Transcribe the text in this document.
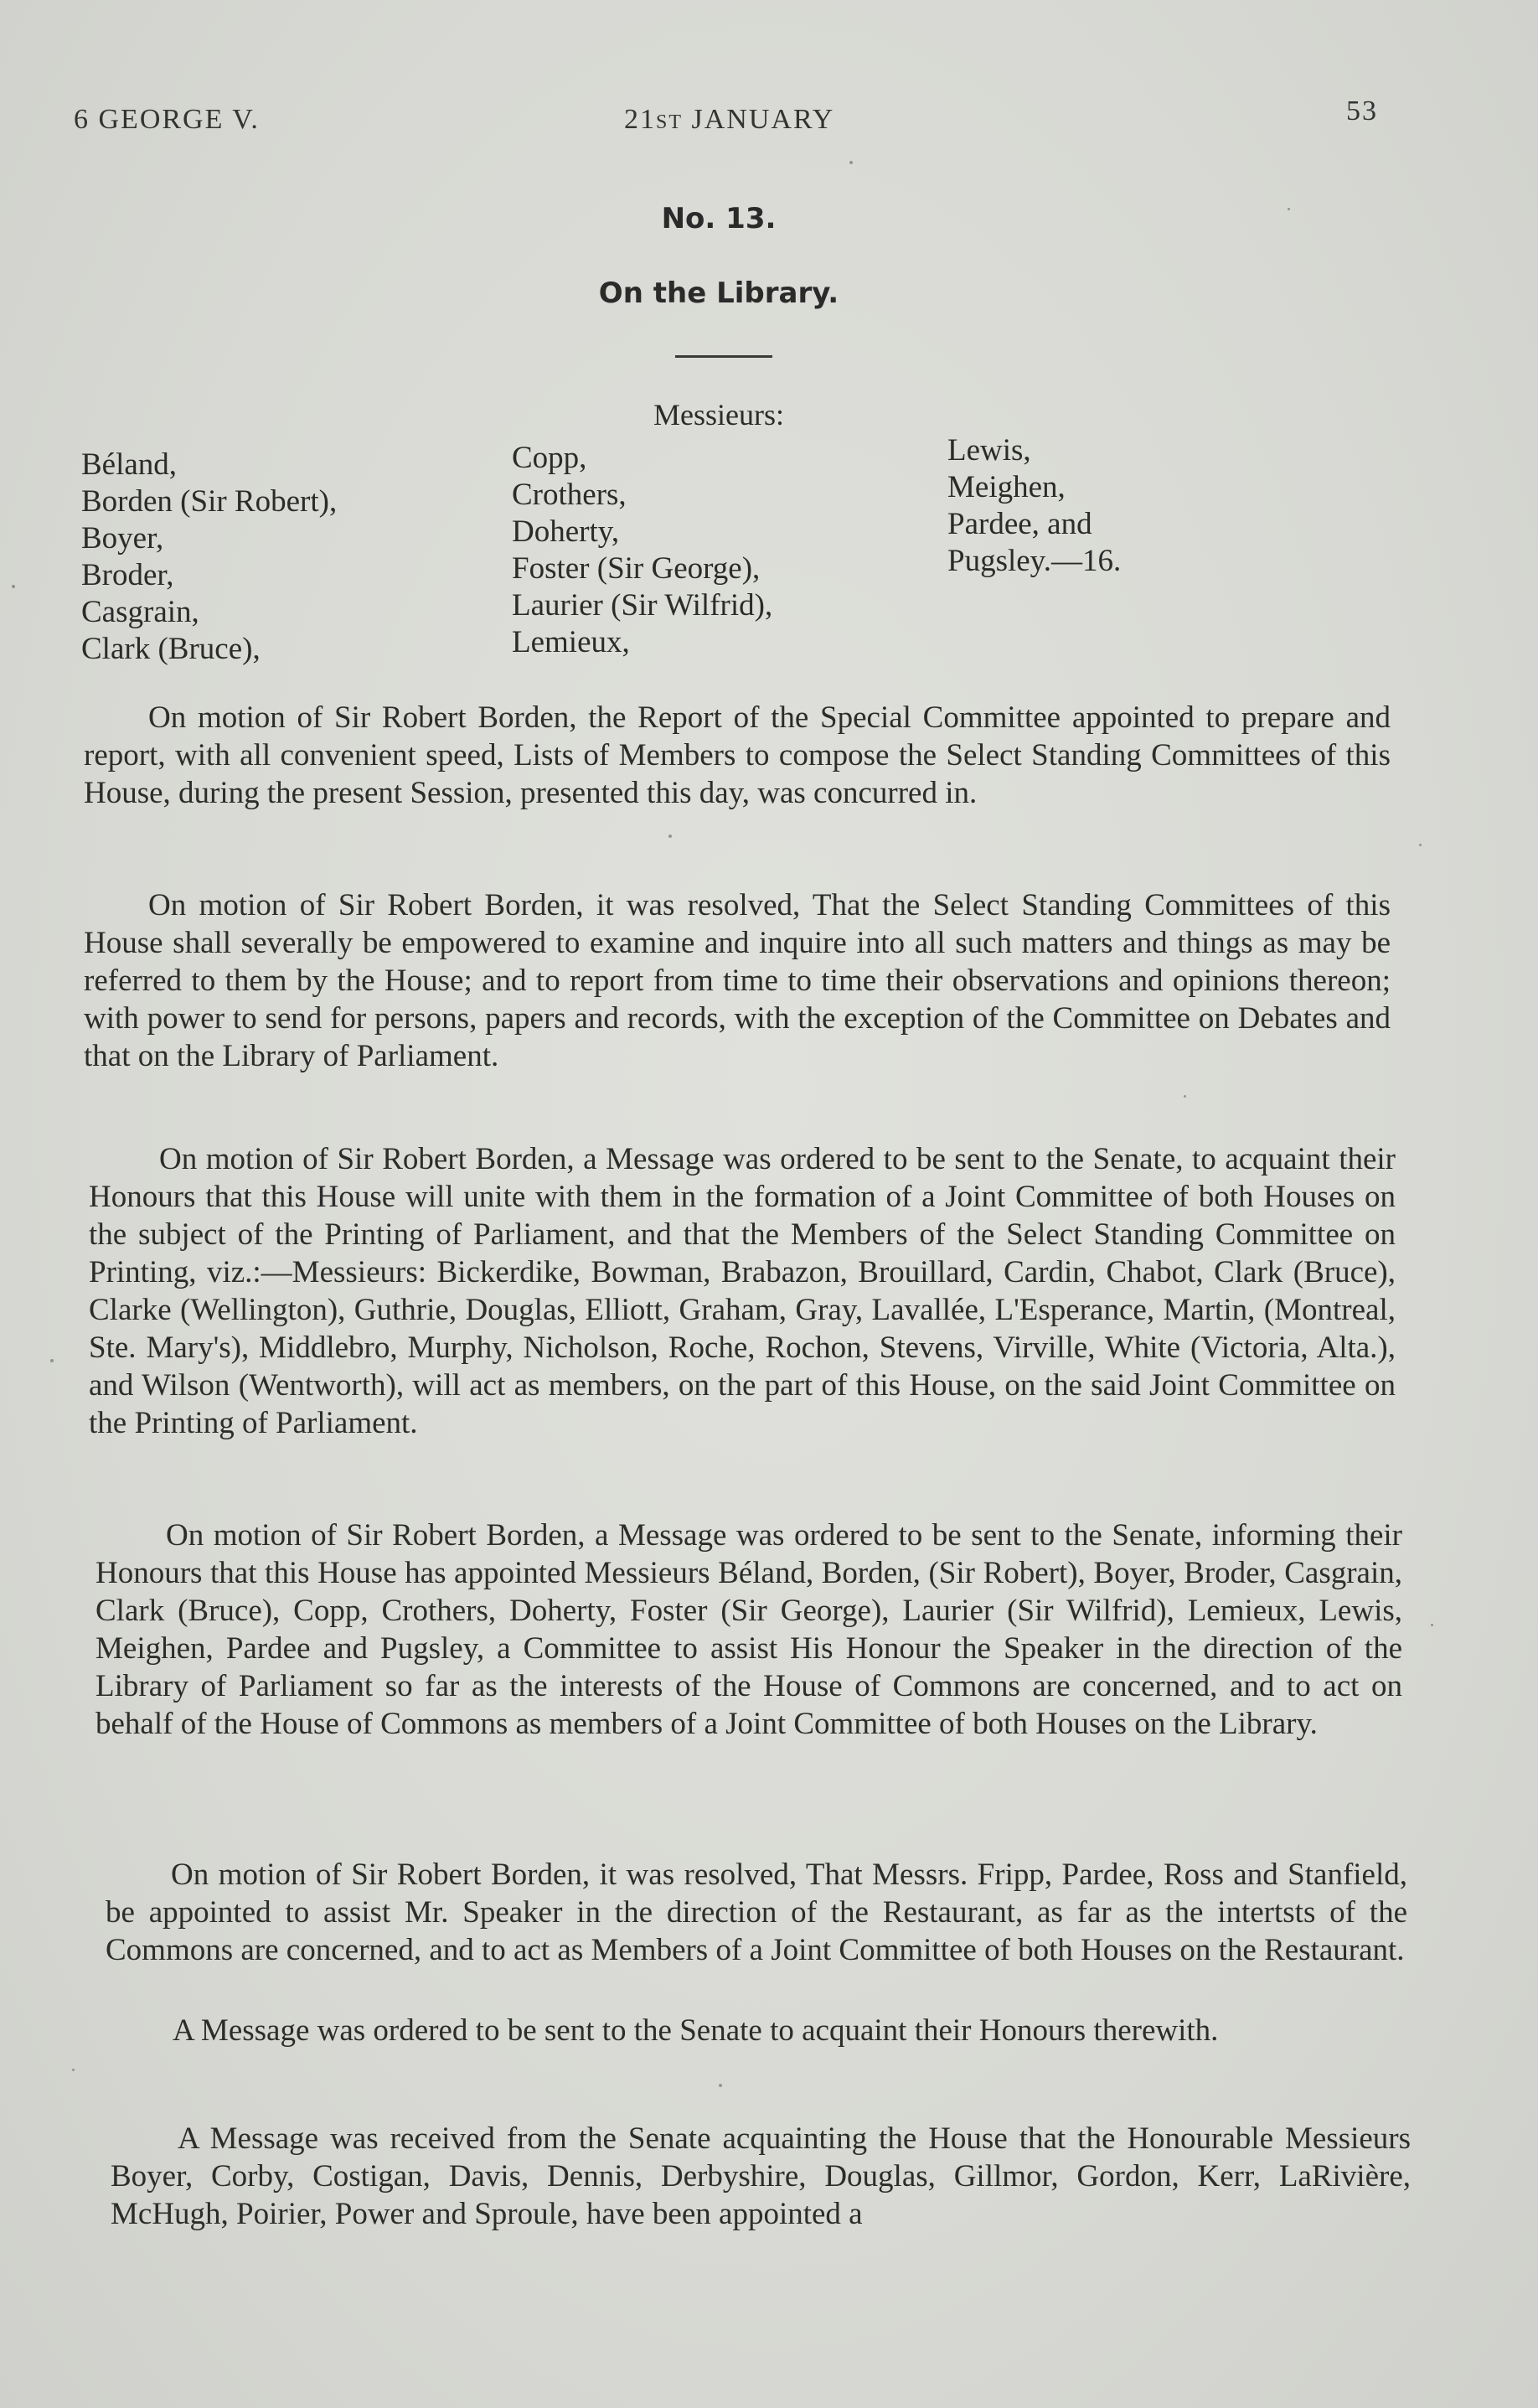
6 GEORGE V.	21st JANUARY	53
No. 13.
On the Library.
Messieurs:
Béland,
Borden (Sir Robert),
Boyer,
Broder,
Casgrain,
Clark (Bruce),
Copp,
Crothers,
Doherty,
Foster (Sir George),
Laurier (Sir Wilfrid),
Lemieux,
Lewis,
Meighen,
Pardee, and
Pugsley.—16.

On motion of Sir Robert Borden, the Report of the Special Committee appointed to prepare and report, with all convenient speed, Lists of Members to compose the Select Standing Committees of this House, during the present Session, presented this day, was concurred in.

On motion of Sir Robert Borden, it was resolved, That the Select Standing Committees of this House shall severally be empowered to examine and inquire into all such matters and things as may be referred to them by the House; and to report from time to time their observations and opinions thereon; with power to send for persons, papers and records, with the exception of the Committee on Debates and that on the Library of Parliament.

On motion of Sir Robert Borden, a Message was ordered to be sent to the Senate, to acquaint their Honours that this House will unite with them in the formation of a Joint Committee of both Houses on the subject of the Printing of Parliament, and that the Members of the Select Standing Committee on Printing, viz.:—Messieurs: Bickerdike, Bowman, Brabazon, Brouillard, Cardin, Chabot, Clark (Bruce), Clarke (Wellington), Guthrie, Douglas, Elliott, Graham, Gray, Lavallée, L'Esperance, Martin, (Montreal, Ste. Mary's), Middlebro, Murphy, Nicholson, Roche, Rochon, Stevens, Virville, White (Victoria, Alta.), and Wilson (Wentworth), will act as members, on the part of this House, on the said Joint Committee on the Printing of Parliament.

On motion of Sir Robert Borden, a Message was ordered to be sent to the Senate, informing their Honours that this House has appointed Messieurs Béland, Borden, (Sir Robert), Boyer, Broder, Casgrain, Clark (Bruce), Copp, Crothers, Doherty, Foster (Sir George), Laurier (Sir Wilfrid), Lemieux, Lewis, Meighen, Pardee and Pugsley, a Committee to assist His Honour the Speaker in the direction of the Library of Parliament so far as the interests of the House of Commons are concerned, and to act on behalf of the House of Commons as members of a Joint Committee of both Houses on the Library.

On motion of Sir Robert Borden, it was resolved, That Messrs. Fripp, Pardee, Ross and Stanfield, be appointed to assist Mr. Speaker in the direction of the Restaurant, as far as the intertsts of the Commons are concerned, and to act as Members of a Joint Committee of both Houses on the Restaurant.

A Message was ordered to be sent to the Senate to acquaint their Honours therewith.

A Message was received from the Senate acquainting the House that the Honourable Messieurs Boyer, Corby, Costigan, Davis, Dennis, Derbyshire, Douglas, Gillmor, Gordon, Kerr, LaRivière, McHugh, Poirier, Power and Sproule, have been appointed a
